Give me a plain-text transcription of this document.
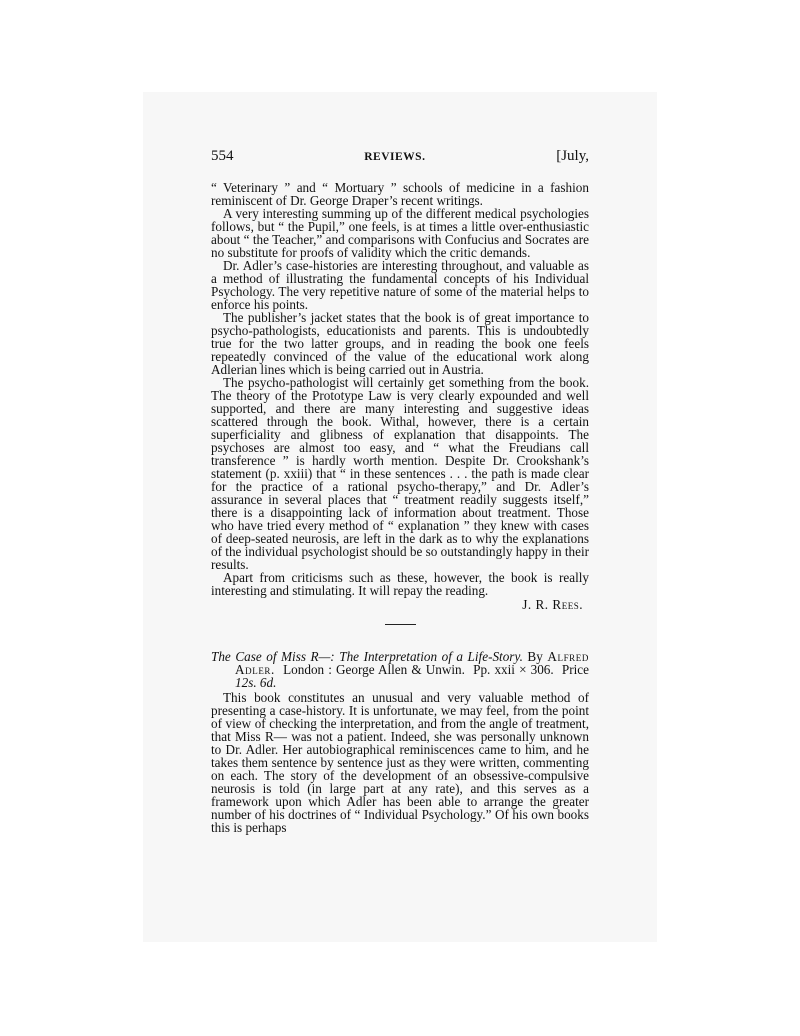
554	REVIEWS.	[July,

“ Veterinary ” and “ Mortuary ” schools of medicine in a fashion reminiscent of Dr. George Draper’s recent writings.

A very interesting summing up of the different medical psychologies follows, but “ the Pupil,” one feels, is at times a little over-enthusiastic about “ the Teacher,” and comparisons with Confucius and Socrates are no substitute for proofs of validity which the critic demands.

Dr. Adler’s case-histories are interesting throughout, and valuable as a method of illustrating the fundamental concepts of his Individual Psychology. The very repetitive nature of some of the material helps to enforce his points.

The publisher’s jacket states that the book is of great importance to psycho-pathologists, educationists and parents. This is undoubtedly true for the two latter groups, and in reading the book one feels repeatedly convinced of the value of the educational work along Adlerian lines which is being carried out in Austria.

The psycho-pathologist will certainly get something from the book. The theory of the Prototype Law is very clearly expounded and well supported, and there are many interesting and suggestive ideas scattered through the book. Withal, however, there is a certain superficiality and glibness of explanation that disappoints. The psychoses are almost too easy, and “ what the Freudians call transference ” is hardly worth mention. Despite Dr. Crookshank’s statement (p. xxiii) that “ in these sentences . . . the path is made clear for the practice of a rational psycho-therapy,” and Dr. Adler’s assurance in several places that “ treatment readily suggests itself,” there is a disappointing lack of information about treatment. Those who have tried every method of “ explanation ” they knew with cases of deep-seated neurosis, are left in the dark as to why the explanations of the individual psychologist should be so outstandingly happy in their results.

Apart from criticisms such as these, however, the book is really interesting and stimulating. It will repay the reading.

J. R. Rees.

The Case of Miss R—: The Interpretation of a Life-Story. By Alfred Adler. London : George Allen & Unwin. Pp. xxii × 306. Price 12s. 6d.

This book constitutes an unusual and very valuable method of presenting a case-history. It is unfortunate, we may feel, from the point of view of checking the interpretation, and from the angle of treatment, that Miss R— was not a patient. Indeed, she was personally unknown to Dr. Adler. Her autobiographical reminiscences came to him, and he takes them sentence by sentence just as they were written, commenting on each. The story of the development of an obsessive-compulsive neurosis is told (in large part at any rate), and this serves as a framework upon which Adler has been able to arrange the greater number of his doctrines of “ Individual Psychology.” Of his own books this is perhaps
